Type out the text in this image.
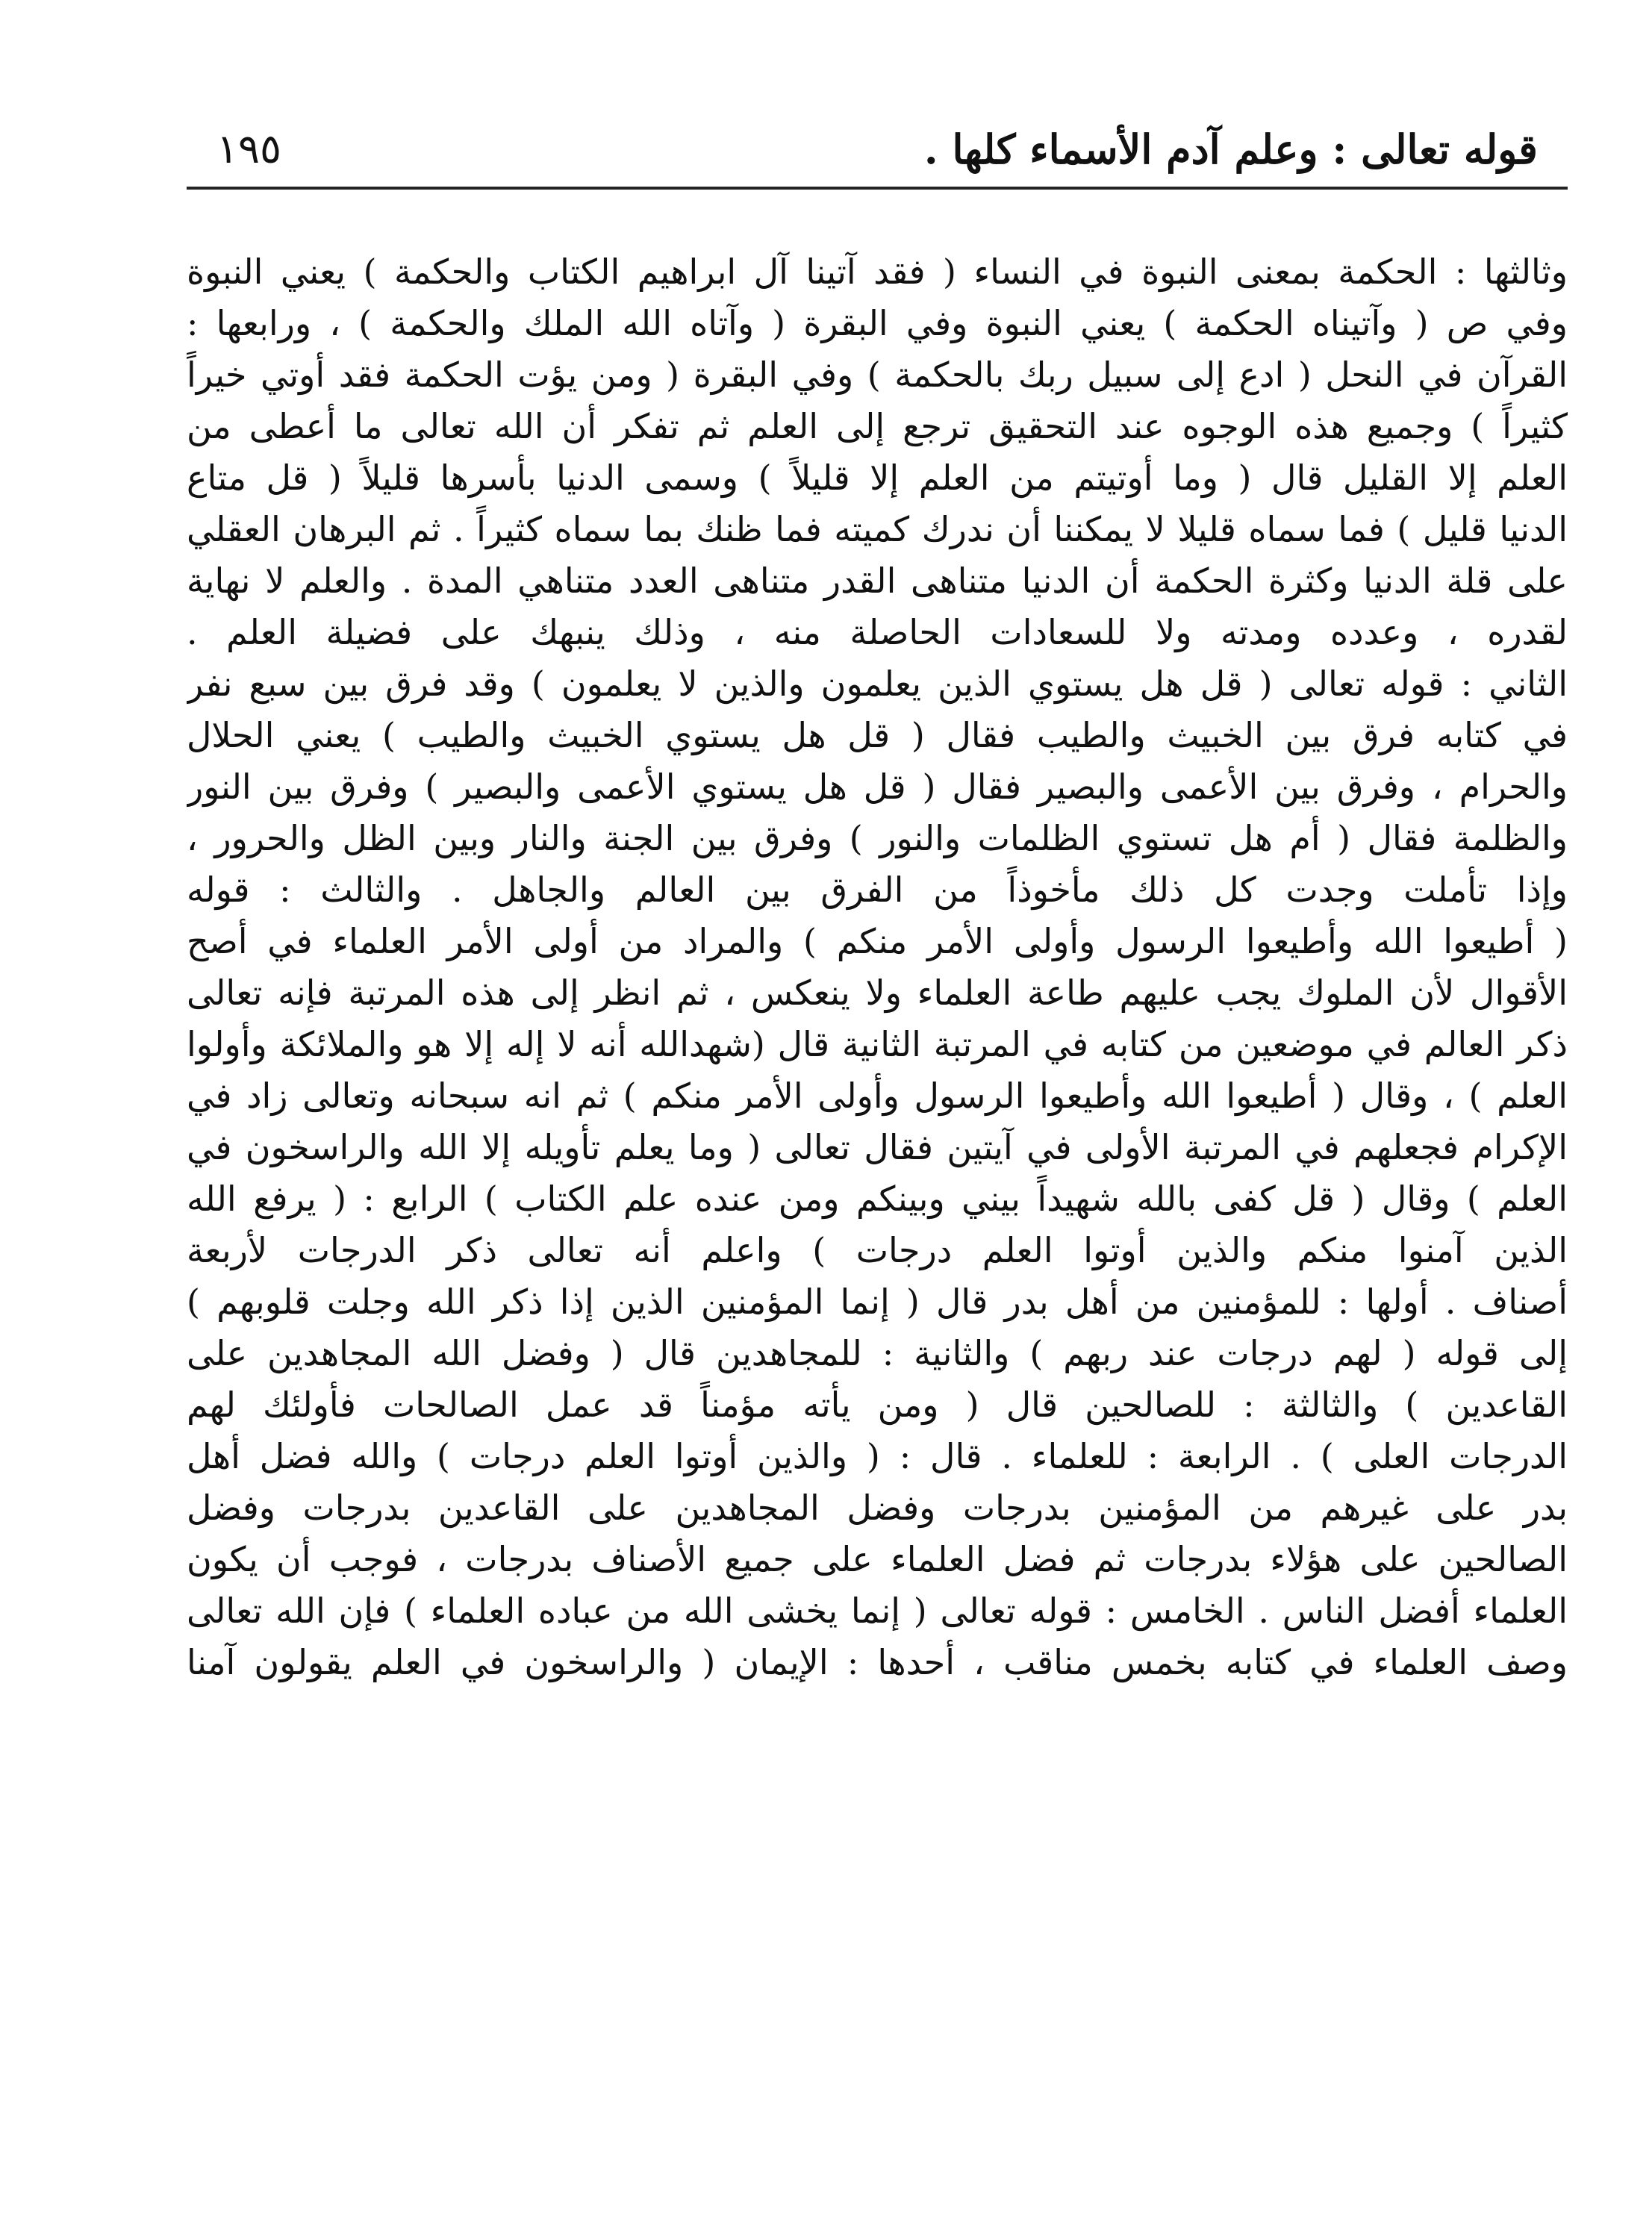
١٩٥	قوله تعالى : وعلم آدم الأسماء كلها .
وثالثها : الحكمة بمعنى النبوة في النساء ( فقد آتينا آل ابراهيم الكتاب والحكمة ) يعني النبوة
وفي ص ( وآتيناه الحكمة ) يعني النبوة وفي البقرة ( وآتاه الله الملك والحكمة ) ، ورابعها :
القرآن في النحل ( ادع إلى سبيل ربك بالحكمة ) وفي البقرة ( ومن يؤت الحكمة فقد أوتي خيراً
كثيراً ) وجميع هذه الوجوه عند التحقيق ترجع إلى العلم ثم تفكر أن الله تعالى ما أعطى من
العلم إلا القليل قال ( وما أوتيتم من العلم إلا قليلاً ) وسمى الدنيا بأسرها قليلاً ( قل متاع
الدنيا قليل ) فما سماه قليلا لا يمكننا أن ندرك كميته فما ظنك بما سماه كثيراً . ثم البرهان العقلي
على قلة الدنيا وكثرة الحكمة أن الدنيا متناهى القدر متناهى العدد متناهي المدة . والعلم لا نهاية
لقدره ، وعدده ومدته ولا للسعادات الحاصلة منه ، وذلك ينبهك على فضيلة العلم .
الثاني : قوله تعالى ( قل هل يستوي الذين يعلمون والذين لا يعلمون ) وقد فرق بين سبع نفر
في كتابه فرق بين الخبيث والطيب فقال ( قل هل يستوي الخبيث والطيب ) يعني الحلال
والحرام ، وفرق بين الأعمى والبصير فقال ( قل هل يستوي الأعمى والبصير ) وفرق بين النور
والظلمة فقال ( أم هل تستوي الظلمات والنور ) وفرق بين الجنة والنار وبين الظل والحرور ،
وإذا تأملت وجدت كل ذلك مأخوذاً من الفرق بين العالم والجاهل . والثالث : قوله
( أطيعوا الله وأطيعوا الرسول وأولى الأمر منكم ) والمراد من أولى الأمر العلماء في أصح
الأقوال لأن الملوك يجب عليهم طاعة العلماء ولا ينعكس ، ثم انظر إلى هذه المرتبة فإنه تعالى
ذكر العالم في موضعين من كتابه في المرتبة الثانية قال (شهدالله أنه لا إله إلا هو والملائكة وأولوا
العلم ) ، وقال ( أطيعوا الله وأطيعوا الرسول وأولى الأمر منكم ) ثم انه سبحانه وتعالى زاد في
الإكرام فجعلهم في المرتبة الأولى في آيتين فقال تعالى ( وما يعلم تأويله إلا الله والراسخون في
العلم ) وقال ( قل كفى بالله شهيداً بيني وبينكم ومن عنده علم الكتاب ) الرابع : ( يرفع الله
الذين آمنوا منكم والذين أوتوا العلم درجات ) واعلم أنه تعالى ذكر الدرجات لأربعة
أصناف . أولها : للمؤمنين من أهل بدر قال ( إنما المؤمنين الذين إذا ذكر الله وجلت قلوبهم )
إلى قوله ( لهم درجات عند ربهم ) والثانية : للمجاهدين قال ( وفضل الله المجاهدين على
القاعدين ) والثالثة : للصالحين قال ( ومن يأته مؤمناً قد عمل الصالحات فأولئك لهم
الدرجات العلى ) . الرابعة : للعلماء . قال : ( والذين أوتوا العلم درجات ) والله فضل أهل
بدر على غيرهم من المؤمنين بدرجات وفضل المجاهدين على القاعدين بدرجات وفضل
الصالحين على هؤلاء بدرجات ثم فضل العلماء على جميع الأصناف بدرجات ، فوجب أن يكون
العلماء أفضل الناس . الخامس : قوله تعالى ( إنما يخشى الله من عباده العلماء ) فإن الله تعالى
وصف العلماء في كتابه بخمس مناقب ، أحدها : الإيمان ( والراسخون في العلم يقولون آمنا
